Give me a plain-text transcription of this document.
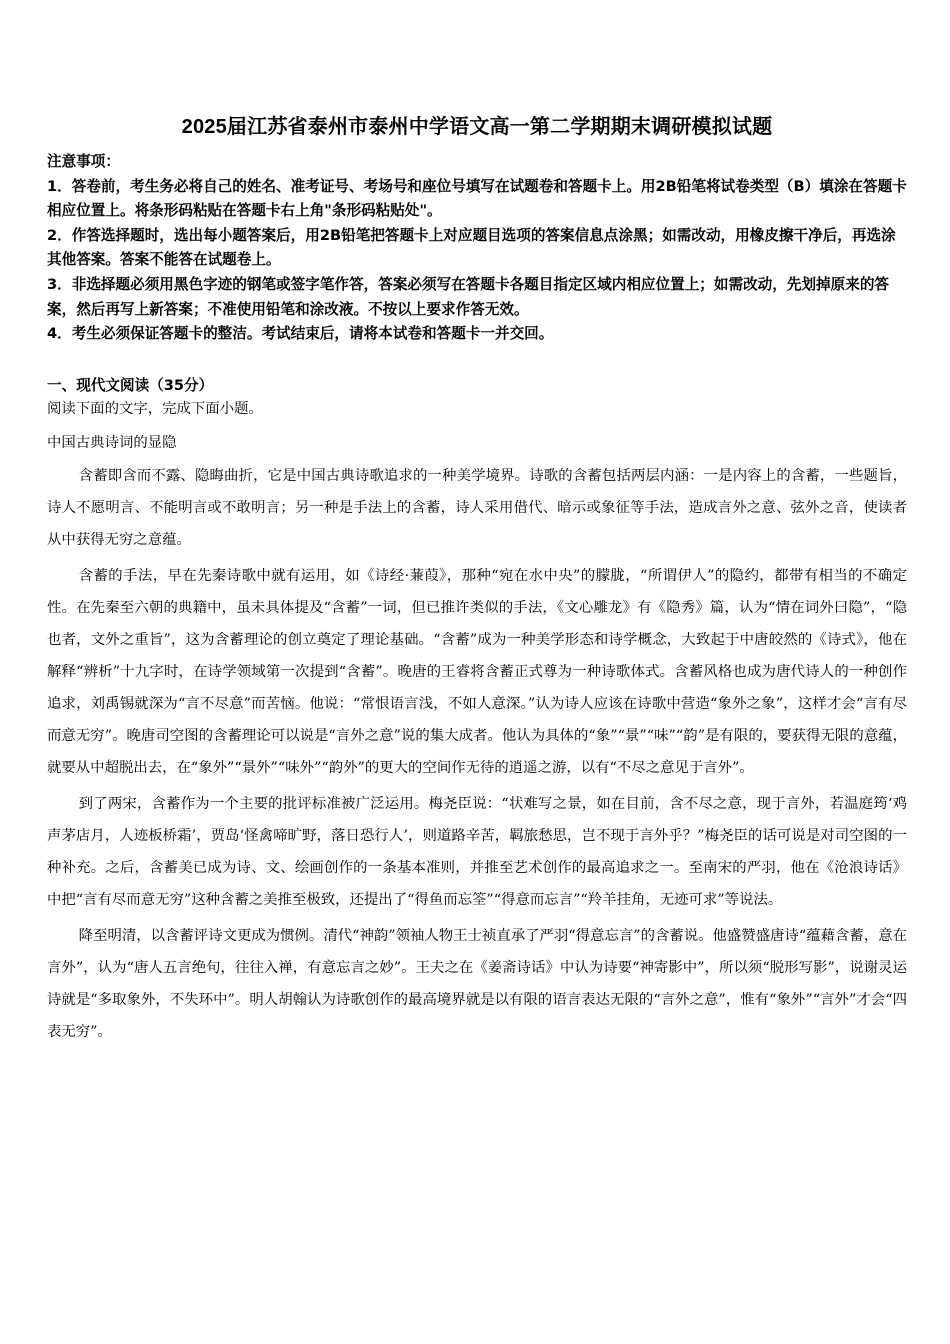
2025届江苏省泰州市泰州中学语文高一第二学期期末调研模拟试题

注意事项：

1．答卷前，考生务必将自己的姓名、准考证号、考场号和座位号填写在试题卷和答题卡上。用2B铅笔将试卷类型（B）填涂在答题卡相应位置上。将条形码粘贴在答题卡右上角"条形码粘贴处"。

2．作答选择题时，选出每小题答案后，用2B铅笔把答题卡上对应题目选项的答案信息点涂黑；如需改动，用橡皮擦干净后，再选涂其他答案。答案不能答在试题卷上。

3．非选择题必须用黑色字迹的钢笔或签字笔作答，答案必须写在答题卡各题目指定区域内相应位置上；如需改动，先划掉原来的答案，然后再写上新答案；不准使用铅笔和涂改液。不按以上要求作答无效。

4．考生必须保证答题卡的整洁。考试结束后，请将本试卷和答题卡一并交回。

一、现代文阅读（35分）

阅读下面的文字，完成下面小题。

中国古典诗词的显隐

含蓄即含而不露、隐晦曲折，它是中国古典诗歌追求的一种美学境界。诗歌的含蓄包括两层内涵：一是内容上的含蓄，一些题旨，诗人不愿明言、不能明言或不敢明言；另一种是手法上的含蓄，诗人采用借代、暗示或象征等手法，造成言外之意、弦外之音，使读者从中获得无穷之意蕴。

含蓄的手法，早在先秦诗歌中就有运用，如《诗经·蒹葭》，那种“宛在水中央”的朦胧，“所谓伊人”的隐约，都带有相当的不确定性。在先秦至六朝的典籍中，虽未具体提及“含蓄”一词，但已推许类似的手法，《文心雕龙》有《隐秀》篇，认为“情在词外曰隐”，“隐也者，文外之重旨”，这为含蓄理论的创立奠定了理论基础。“含蓄”成为一种美学形态和诗学概念，大致起于中唐皎然的《诗式》，他在解释“辨析”十九字时，在诗学领域第一次提到“含蓄”。晚唐的王睿将含蓄正式尊为一种诗歌体式。含蓄风格也成为唐代诗人的一种创作追求，刘禹锡就深为“言不尽意”而苦恼。他说：“常恨语言浅，不如人意深。”认为诗人应该在诗歌中营造“象外之象”，这样才会“言有尽而意无穷”。晚唐司空图的含蓄理论可以说是“言外之意”说的集大成者。他认为具体的“象”“景”“味”“韵”是有限的，要获得无限的意蕴，就要从中超脱出去，在“象外”“景外”“味外”“韵外”的更大的空间作无待的逍遥之游，以有“不尽之意见于言外”。

到了两宋，含蓄作为一个主要的批评标准被广泛运用。梅尧臣说：“状难写之景，如在目前，含不尽之意，现于言外，若温庭筠‘鸡声茅店月，人迹板桥霜’，贾岛‘怪禽啼旷野，落日恐行人’，则道路辛苦，羁旅愁思，岂不现于言外乎？”梅尧臣的话可说是对司空图的一种补充。之后，含蓄美已成为诗、文、绘画创作的一条基本准则，并推至艺术创作的最高追求之一。至南宋的严羽，他在《沧浪诗话》中把“言有尽而意无穷”这种含蓄之美推至极致，还提出了“得鱼而忘筌”“得意而忘言”“羚羊挂角，无迹可求”等说法。

降至明清，以含蓄评诗文更成为惯例。清代“神韵”领袖人物王士祯直承了严羽“得意忘言”的含蓄说。他盛赞盛唐诗“蕴藉含蓄，意在言外”，认为“唐人五言绝句，往往入禅，有意忘言之妙”。王夫之在《姜斋诗话》中认为诗要“神寄影中”，所以须“脱形写影”，说谢灵运诗就是“多取象外，不失环中”。明人胡翰认为诗歌创作的最高境界就是以有限的语言表达无限的“言外之意”，惟有“象外”“言外”才会“四表无穷”。
